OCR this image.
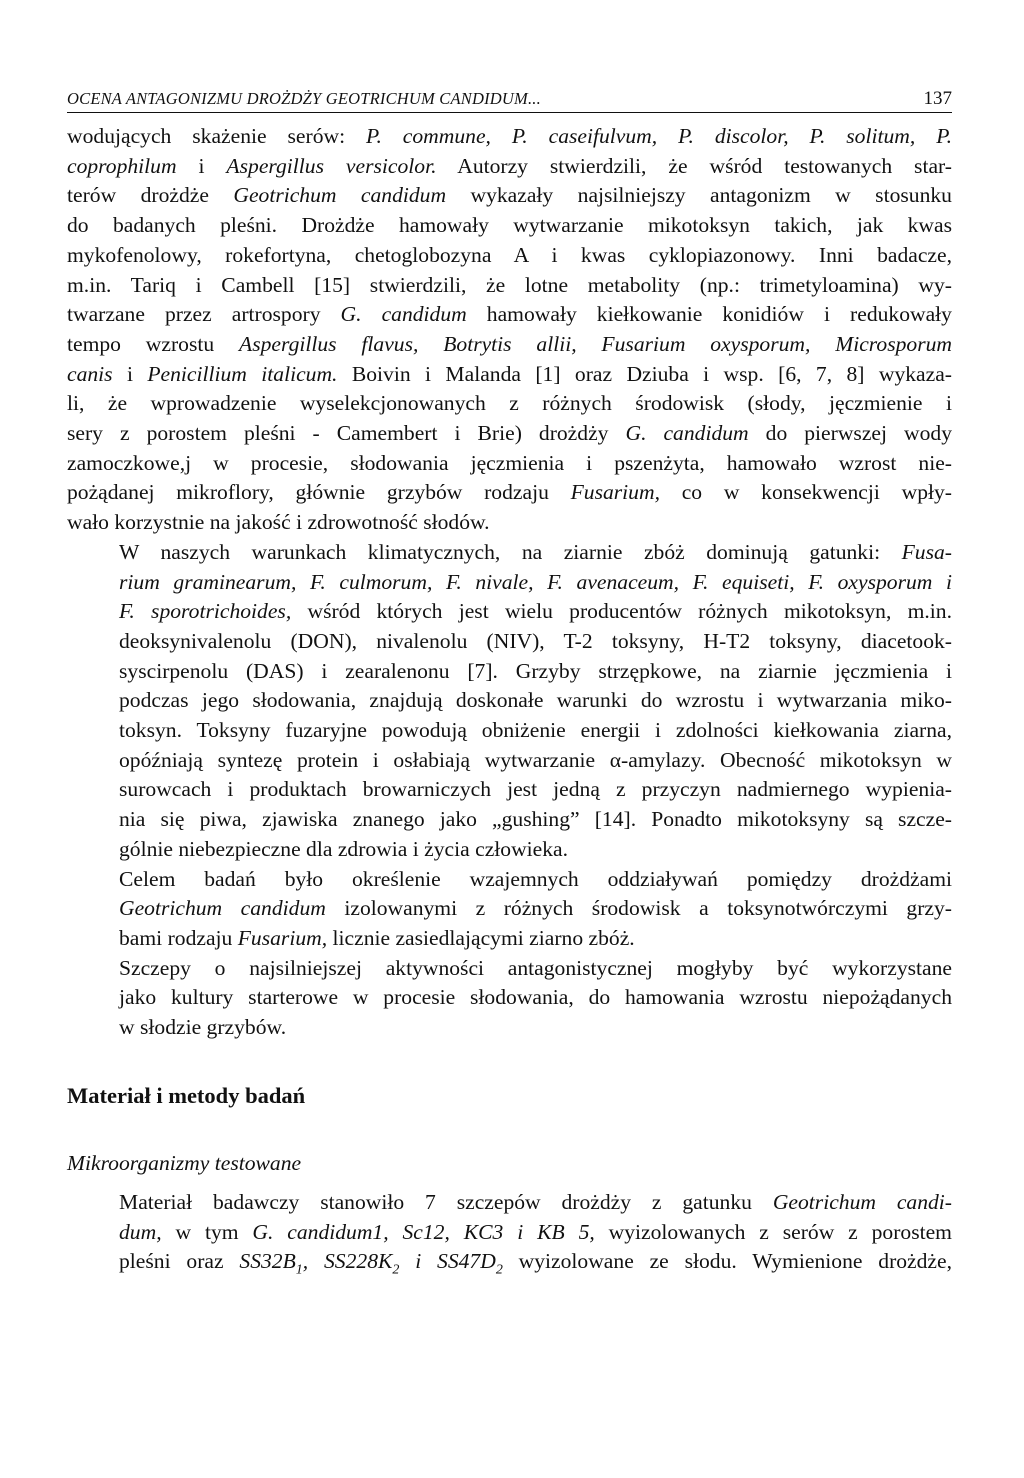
OCENA ANTAGONIZMU DROŻDŻY GEOTRICHUM CANDIDUM...	137

wodujących skażenie serów: P. commune, P. caseifulvum, P. discolor, P. solitum, P.
coprophilum i Aspergillus versicolor. Autorzy stwierdzili, że wśród testowanych star-
terów drożdże Geotrichum candidum wykazały najsilniejszy antagonizm w stosunku
do badanych pleśni. Drożdże hamowały wytwarzanie mikotoksyn takich, jak kwas
mykofenolowy, rokefortyna, chetoglobozyna A i kwas cyklopiazonowy. Inni badacze,
m.in. Tariq i Cambell [15] stwierdzili, że lotne metabolity (np.: trimetyloamina) wy-
twarzane przez artrospory G. candidum hamowały kiełkowanie konidiów i redukowały
tempo wzrostu Aspergillus flavus, Botrytis allii, Fusarium oxysporum, Microsporum
canis i Penicillium italicum. Boivin i Malanda [1] oraz Dziuba i wsp. [6, 7, 8] wykaza-
li, że wprowadzenie wyselekcjonowanych z różnych środowisk (słody, jęczmienie i
sery z porostem pleśni - Camembert i Brie) drożdży G. candidum do pierwszej wody
zamoczkowe,j w procesie, słodowania jęczmienia i pszenżyta, hamowało wzrost nie-
pożądanej mikroflory, głównie grzybów rodzaju Fusarium, co w konsekwencji wpły-
wało korzystnie na jakość i zdrowotność słodów.

W naszych warunkach klimatycznych, na ziarnie zbóż dominują gatunki: Fusa-
rium graminearum, F. culmorum, F. nivale, F. avenaceum, F. equiseti, F. oxysporum i
F. sporotrichoides, wśród których jest wielu producentów różnych mikotoksyn, m.in.
deoksynivalenolu (DON), nivalenolu (NIV), T-2 toksyny, H-T2 toksyny, diacetook-
syscirpenolu (DAS) i zearalenonu [7]. Grzyby strzępkowe, na ziarnie jęczmienia i
podczas jego słodowania, znajdują doskonałe warunki do wzrostu i wytwarzania miko-
toksyn. Toksyny fuzaryjne powodują obniżenie energii i zdolności kiełkowania ziarna,
opóźniają syntezę protein i osłabiają wytwarzanie α-amylazy. Obecność mikotoksyn w
surowcach i produktach browarniczych jest jedną z przyczyn nadmiernego wypienia-
nia się piwa, zjawiska znanego jako „gushing” [14]. Ponadto mikotoksyny są szcze-
gólnie niebezpieczne dla zdrowia i życia człowieka.

Celem badań było określenie wzajemnych oddziaływań pomiędzy drożdżami
Geotrichum candidum izolowanymi z różnych środowisk a toksynotwórczymi grzy-
bami rodzaju Fusarium, licznie zasiedlającymi ziarno zbóż.

Szczepy o najsilniejszej aktywności antagonistycznej mogłyby być wykorzystane
jako kultury starterowe w procesie słodowania, do hamowania wzrostu niepożądanych
w słodzie grzybów.

Materiał i metody badań
Mikroorganizmy testowane

Materiał badawczy stanowiło 7 szczepów drożdży z gatunku Geotrichum candi-
dum, w tym G. candidum1, Sc12, KC3 i KB 5, wyizolowanych z serów z porostem
pleśni oraz $SS32B_1$, $SS228K_2$ i $SS47D_2$ wyizolowane ze słodu. Wymienione drożdże,
